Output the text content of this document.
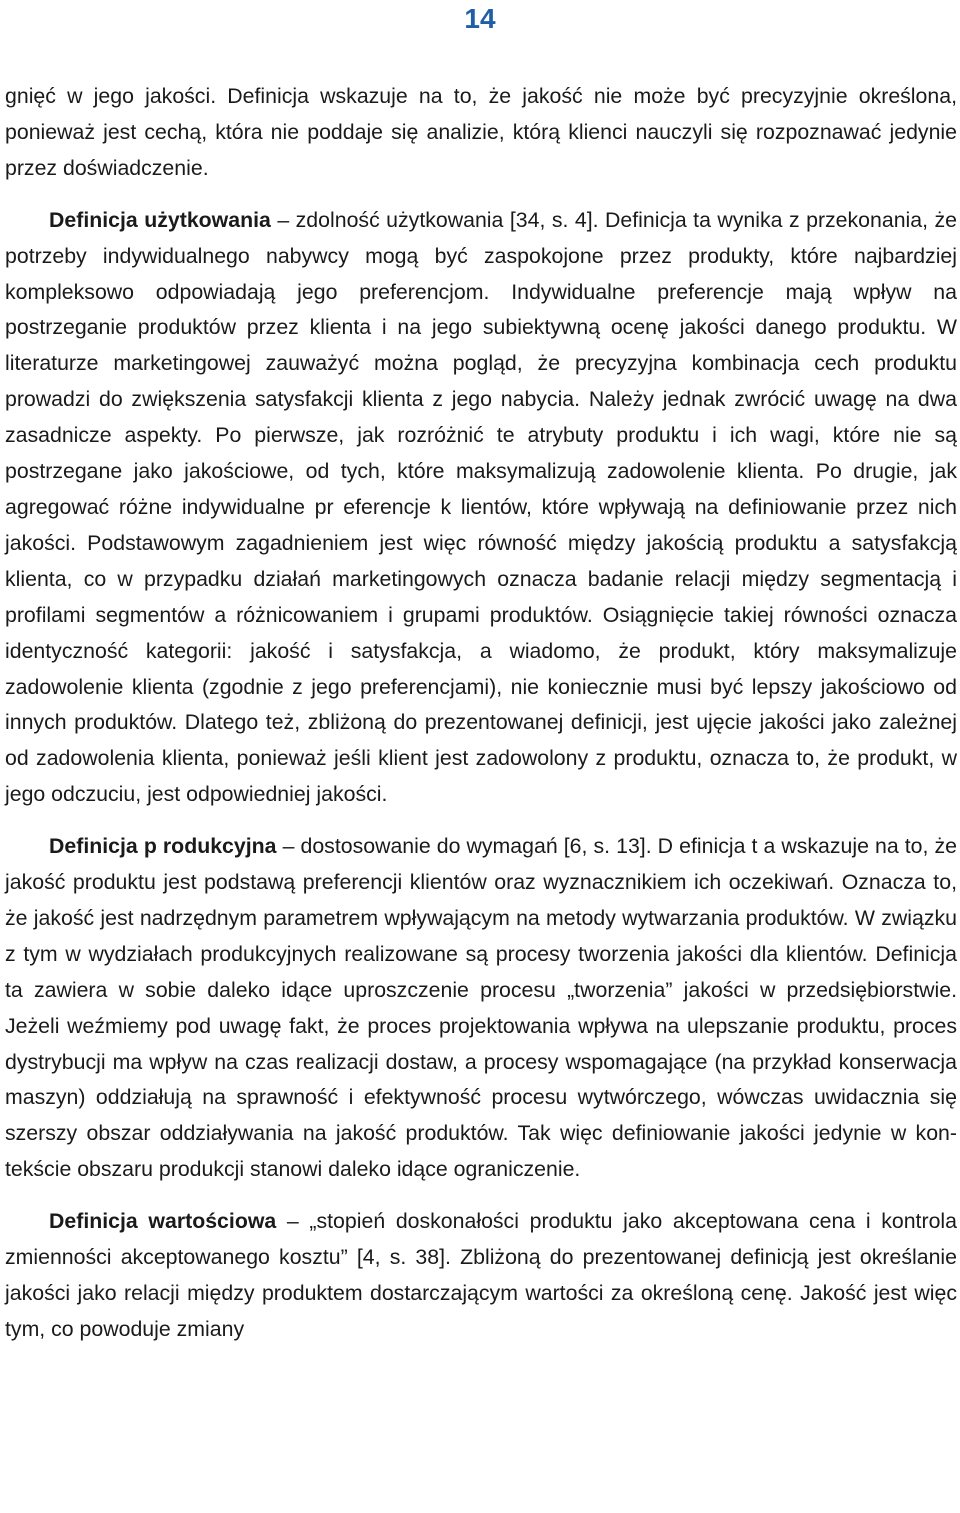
14

gnięć w jego jakości. Definicja wskazuje na to, że jakość nie może być precyzyjnie określona, ponieważ jest cechą, która nie poddaje się analizie, którą klienci nauczyli się rozpoznawać jedynie przez doświadczenie.

Definicja użytkowania – zdolność użytkowania [34, s. 4]. Definicja ta wynika z przekonania, że potrzeby indywidualnego nabywcy mogą być zaspokojone przez produkty, które najbardziej kompleksowo odpowiadają jego preferencjom. Indywidualne preferencje mają wpływ na postrzeganie produktów przez klienta i na jego subiektywną ocenę jakości danego produktu. W literaturze marketingowej zauważyć można pogląd, że precyzyjna kombinacja cech produktu prowadzi do zwiększenia satysfakcji klienta z jego nabycia. Należy jednak zwrócić uwagę na dwa zasadnicze aspekty. Po pierwsze, jak rozróżnić te atrybuty produktu i ich wagi, które nie są postrzegane jako jakościowe, od tych, które maksymalizują zadowolenie klienta. Po drugie, jak agregować różne indywidualne pr eferencje k lientów, które wpływają na definiowanie przez nich jakości. Podstawowym zagadnieniem jest więc równość między jakością produktu a satysfakcją klienta, co w przypadku działań marketingowych oznacza badanie relacji między segmentacją i profilami segmentów a różnicowaniem i grupami produktów. Osiągnięcie takiej równości oznacza identyczność kategorii: jakość i satysfakcja, a wiadomo, że produkt, który maksymalizuje zadowolenie klienta (zgodnie z jego preferencjami), nie koniecznie musi być lepszy jakościowo od innych produktów. Dlatego też, zbliżoną do prezentowanej definicji, jest ujęcie jakości jako zależnej od zadowolenia klienta, ponieważ jeśli klient jest zadowolony z produktu, oznacza to, że produkt, w jego odczuciu, jest odpowiedniej jakości.

Definicja p rodukcyjna – dostosowanie do wymagań [6, s. 13]. D efinicja t a wskazuje na to, że jakość produktu jest podstawą preferencji klientów oraz wyznacznikiem ich oczekiwań. Oznacza to, że jakość jest nadrzędnym parametrem wpływającym na metody wytwarzania produktów. W związku z tym w wydziałach produkcyjnych realizowane są procesy tworzenia jakości dla klientów. Definicja ta zawiera w sobie daleko idące uproszczenie procesu „tworzenia” jakości w przedsiębiorstwie. Jeżeli weźmiemy pod uwagę fakt, że proces projektowania wpływa na ulepszanie produktu, proces dystrybucji ma wpływ na czas realizacji dostaw, a procesy wspomagające (na przykład konserwacja maszyn) oddziałują na sprawność i efektywność procesu wytwórczego, wówczas uwidacznia się szerszy obszar oddziaływania na jakość produktów. Tak więc definiowanie jakości jedynie w kontekście obszaru produkcji stanowi daleko idące ograniczenie.

Definicja wartościowa – „stopień doskonałości produktu jako akceptowana cena i kontrola zmienności akceptowanego kosztu” [4, s. 38]. Zbliżoną do prezentowanej definicją jest określanie jakości jako relacji między produktem dostarczającym wartości za określoną cenę. Jakość jest więc tym, co powoduje zmiany
